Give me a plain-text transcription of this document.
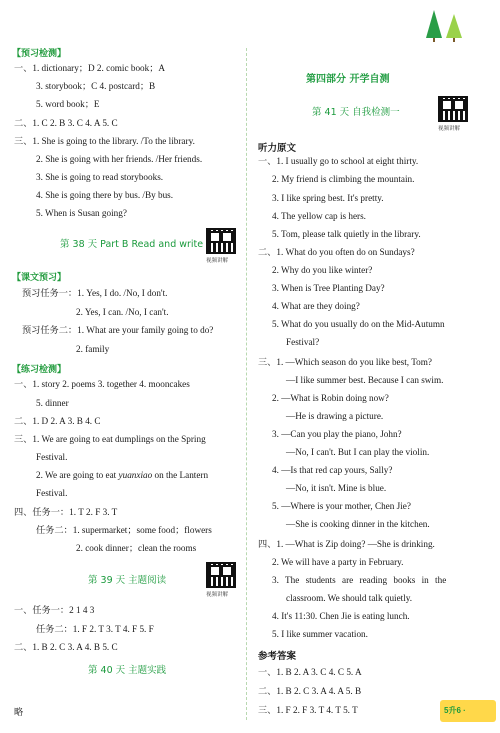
【预习检测】
一、1. dictionary；D 2. comic book；A
3. storybook；C 4. postcard；B
5. word book；E
二、1. C 2. B 3. C 4. A 5. C
三、1. She is going to the library. /To the library.
2. She is going with her friends. /Her friends.
3. She is going to read storybooks.
4. She is going there by bus. /By bus.
5. When is Susan going?
第 38 天 Part B Read and write
视频讲解
【课文预习】
预习任务一：1. Yes, I do. /No, I don't.
2. Yes, I can. /No, I can't.
预习任务二：1. What are your family going to do?
2. family
【练习检测】
一、1. story 2. poems 3. together 4. mooncakes
5. dinner
二、1. D 2. A 3. B 4. C
三、1. We are going to eat dumplings on the Spring
Festival.
2. We are going to eat yuanxiao on the Lantern
Festival.
四、任务一：1. T 2. F 3. T
任务二：1. supermarket；some food；flowers
2. cook dinner；clean the rooms
第 39 天 主题阅读
视频讲解
一、任务一：2 1 4 3
任务二：1. F 2. T 3. T 4. F 5. F
二、1. B 2. C 3. A 4. B 5. C
第 40 天 主题实践
略
第四部分 开学自测
第 41 天 自我检测一
视频讲解
听力原文
一、1. I usually go to school at eight thirty.
2. My friend is climbing the mountain.
3. I like spring best. It's pretty.
4. The yellow cap is hers.
5. Tom, please talk quietly in the library.
二、1. What do you often do on Sundays?
2. Why do you like winter?
3. When is Tree Planting Day?
4. What are they doing?
5. What do you usually do on the Mid-Autumn
Festival?
三、1. —Which season do you like best, Tom?
—I like summer best. Because I can swim.
2. —What is Robin doing now?
—He is drawing a picture.
3. —Can you play the piano, John?
—No, I can't. But I can play the violin.
4. —Is that red cap yours, Sally?
—No, it isn't. Mine is blue.
5. —Where is your mother, Chen Jie?
—She is cooking dinner in the kitchen.
四、1. —What is Zip doing? —She is drinking.
2. We will have a party in February.
3. The students are reading books in the
classroom. We should talk quietly.
4. It's 11:30. Chen Jie is eating lunch.
5. I like summer vacation.
参考答案
一、1. B 2. A 3. C 4. C 5. A
二、1. B 2. C 3. A 4. A 5. B
三、1. F 2. F 3. T 4. T 5. T	5升6 ·
